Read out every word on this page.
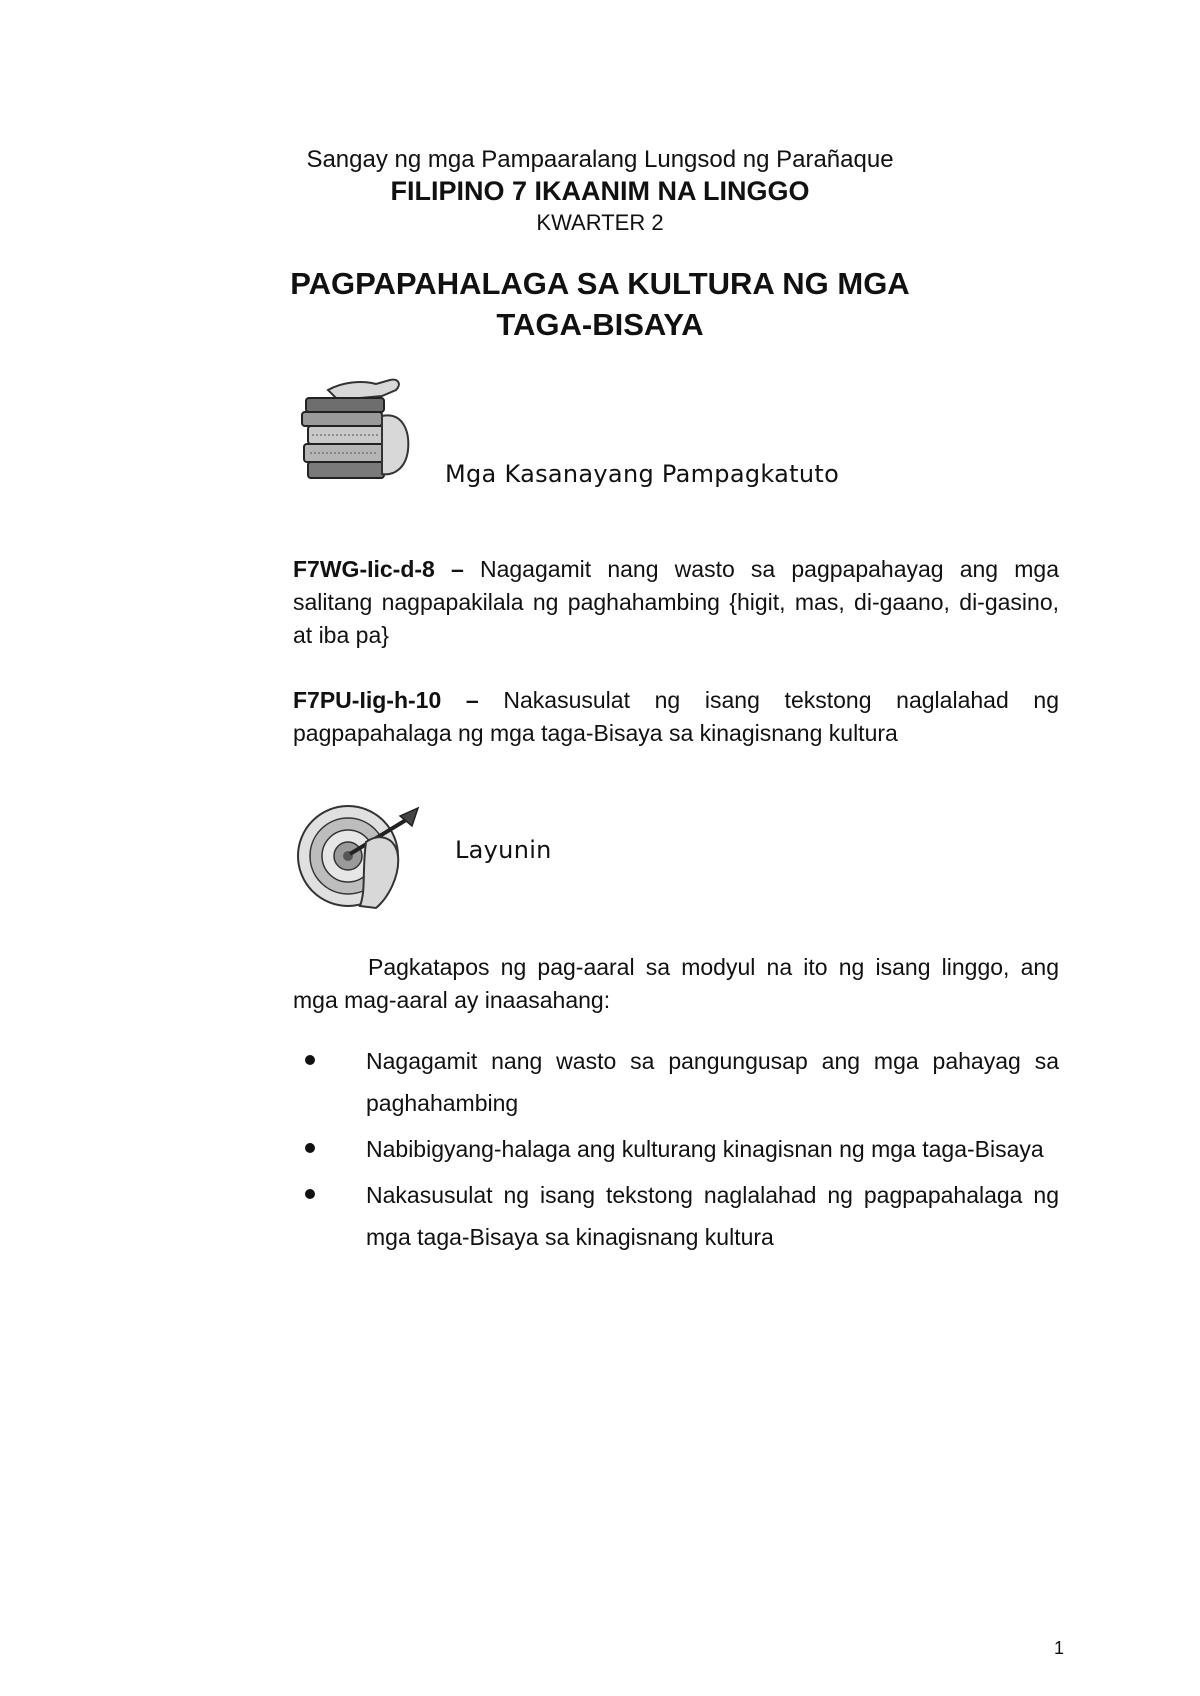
Sangay ng mga Pampaaralang Lungsod ng Parañaque
FILIPINO 7 IKAANIM NA LINGGO
KWARTER 2
PAGPAPAHALAGA SA KULTURA NG MGA
TAGA-BISAYA
Mga Kasanayang Pampagkatuto
F7WG-Iic-d-8 – Nagagamit nang wasto sa pagpapahayag ang mga salitang nagpapakilala ng paghahambing {higit, mas, di-gaano, di-gasino, at iba pa}
F7PU-Iig-h-10 – Nakasusulat ng isang tekstong naglalahad ng pagpapahalaga ng mga taga-Bisaya sa kinagisnang kultura
Layunin
Pagkatapos ng pag-aaral sa modyul na ito ng isang linggo, ang mga mag-aaral ay inaasahang:
Nagagamit nang wasto sa pangungusap ang mga pahayag sa paghahambing
Nabibigyang-halaga ang kulturang kinagisnan ng mga taga-Bisaya
Nakasusulat ng isang tekstong naglalahad ng pagpapahalaga ng mga taga-Bisaya sa kinagisnang kultura
1
